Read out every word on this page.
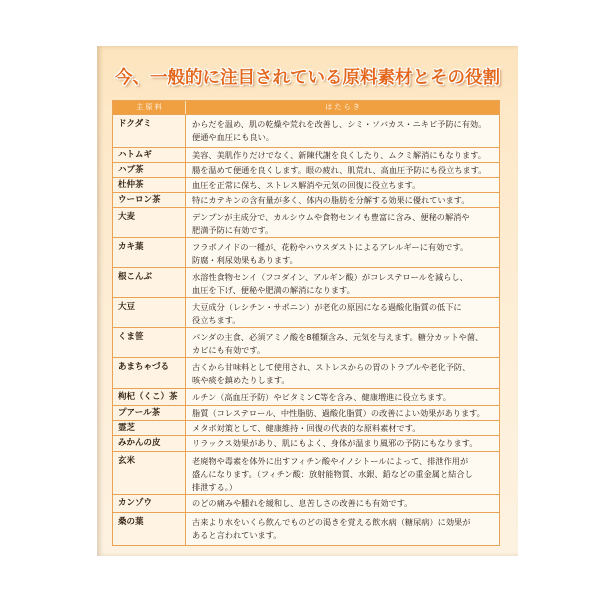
今、一般的に注目されている原料素材とその役割
主 原 料	は た ら き
ドクダミ	からだを温め、肌の乾燥や荒れを改善し、シミ・ソバカス・ニキビ予防に有効。
便通や血圧にも良い。
ハトムギ	美容、美肌作りだけでなく、新陳代謝を良くしたり、ムクミ解消にもなります。
ハブ茶	腸を温めて便通を良くします。眼の疲れ、肌荒れ、高血圧予防にも役立ちます。
杜仲茶	血圧を正常に保ち、ストレス解消や元気の回復に役立ちます。
ウーロン茶	特にカテキンの含有量が多く、体内の脂肪を分解する効果に優れています。
大麦	デンプンが主成分で、カルシウムや食物センイも豊富に含み、便秘の解消や
肥満予防に有効です。
カキ葉	フラボノイドの一種が、花粉やハウスダストによるアレルギーに有効です。
防腐・利尿効果もあります。
根こんぶ	水溶性食物センイ（フコダイン、アルギン酸）がコレステロールを減らし、
血圧を下げ、便秘や肥満の解消になります。
大豆	大豆成分（レシチン・サポニン）が老化の原因になる過酸化脂質の低下に
役立ちます。
くま笹	パンダの主食、必須アミノ酸を8種類含み、元気を与えます。糖分カットや菌、
カビにも有効です。
あまちゃづる	古くから甘味料として使用され、ストレスからの胃のトラブルや老化予防、
咳や痰を鎮めたりします。
枸杞（くこ）茶	ルチン（高血圧予防）やビタミンC等を含み、健康増進に役立ちます。
プアール茶	脂質（コレステロール、中性脂肪、過酸化脂質）の改善によい効果があります。
霊芝	メタボ対策として、健康維持・回復の代表的な原料素材です。
みかんの皮	リラックス効果があり、肌にもよく、身体が温まり風邪の予防にもなります。
玄米	老廃物や毒素を体外に出すフィチン酸やイノシトールによって、排泄作用が
盛んになります。（フィチン酸：放射能物質、水銀、鉛などの重金属と結合し
排泄する。）
カンゾウ	のどの痛みや腫れを緩和し、息苦しさの改善にも有効です。
桑の葉	古来より水をいくら飲んでものどの渇きを覚える飲水病（糖尿病）に効果が
あると言われています。
